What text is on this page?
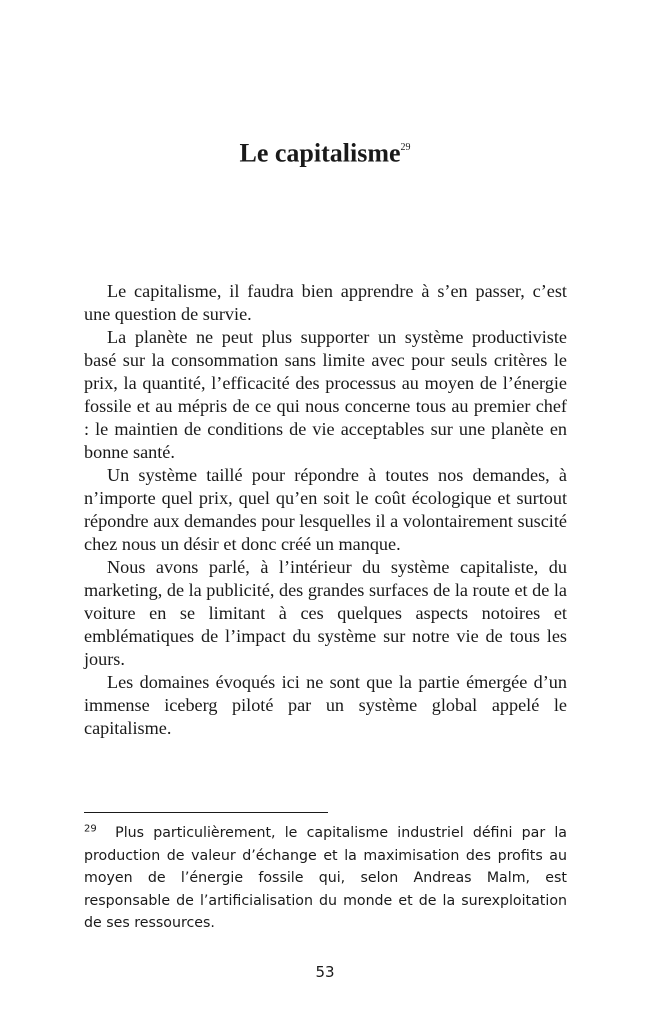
Le capitalisme$^{29}$

Le capitalisme, il faudra bien apprendre à s’en passer, c’est une question de survie.

La planète ne peut plus supporter un système productiviste basé sur la consommation sans limite avec pour seuls critères le prix, la quantité, l’efficacité des processus au moyen de l’énergie fossile et au mépris de ce qui nous concerne tous au premier chef : le maintien de conditions de vie acceptables sur une planète en bonne santé.

Un système taillé pour répondre à toutes nos demandes, à n’importe quel prix, quel qu’en soit le coût écologique et surtout répondre aux demandes pour lesquelles il a volontairement suscité chez nous un désir et donc créé un manque.

Nous avons parlé, à l’intérieur du système capitaliste, du marketing, de la publicité, des grandes surfaces de la route et de la voiture en se limitant à ces quelques aspects notoires et emblématiques de l’impact du système sur notre vie de tous les jours.

Les domaines évoqués ici ne sont que la partie émergée d’un immense iceberg piloté par un système global appelé le capitalisme.

$^{29}$ Plus particulièrement, le capitalisme industriel défini par la production de valeur d’échange et la maximisation des profits au moyen de l’énergie fossile qui, selon Andreas Malm, est responsable de l’artificialisation du monde et de la surexploitation de ses ressources.

53
